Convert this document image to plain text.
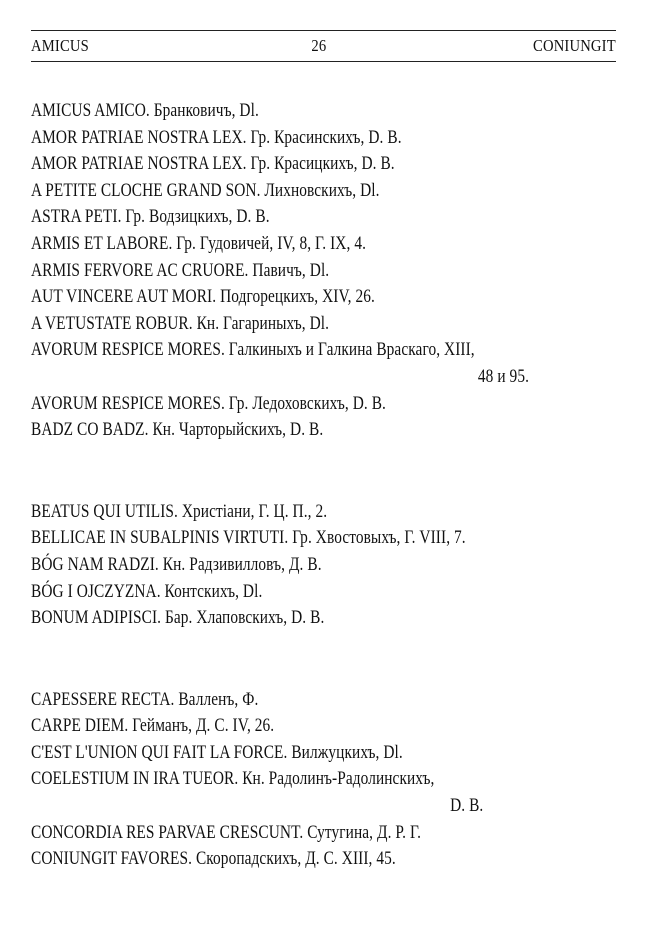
AMICUS	26	CONIUNGIT
AMICUS AMICO. Бранковичъ, Dl.
AMOR PATRIAE NOSTRA LEX. Гр. Красинскихъ, D. B.
AMOR PATRIAE NOSTRA LEX. Гр. Красицкихъ, D. B.
A PETITE CLOCHE GRAND SON. Лихновскихъ, Dl.
ASTRA PETI. Гр. Водзицкихъ, D. B.
ARMIS ET LABORE. Гр. Гудовичей, IV, 8, Г. IX, 4.
ARMIS FERVORE AC CRUORE. Павичъ, Dl.
AUT VINCERE AUT MORI. Подгорецкихъ, XIV, 26.
A VETUSTATE ROBUR. Кн. Гагариныхъ, Dl.
AVORUM RESPICE MORES. Галкиныхъ и Галкина Враскаго, XIII,
48 и 95.
AVORUM RESPICE MORES. Гр. Ледоховскихъ, D. B.
BADZ CO BADZ. Кн. Чарторыйскихъ, D. B.
BEATUS QUI UTILIS. Христіани, Г. Ц. П., 2.
BELLICAE IN SUBALPINIS VIRTUTI. Гр. Хвостовыхъ, Г. VIII, 7.
BÓG NAM RADZI. Кн. Радзивилловъ, Д. B.
BÓG I OJCZYZNA. Контскихъ, Dl.
BONUM ADIPISCI. Бар. Хлаповскихъ, D. B.
CAPESSERE RECTA. Валленъ, Ф.
CARPE DIEM. Гейманъ, Д. С. IV, 26.
C'EST L'UNION QUI FAIT LA FORCE. Вилжуцкихъ, Dl.
COELESTIUM IN IRA TUEOR. Кн. Радолинъ-Радолинскихъ,
D. B.
CONCORDIA RES PARVAE CRESCUNT. Сутугина, Д. Р. Г.
CONIUNGIT FAVORES. Скоропадскихъ, Д. С. XIII, 45.
